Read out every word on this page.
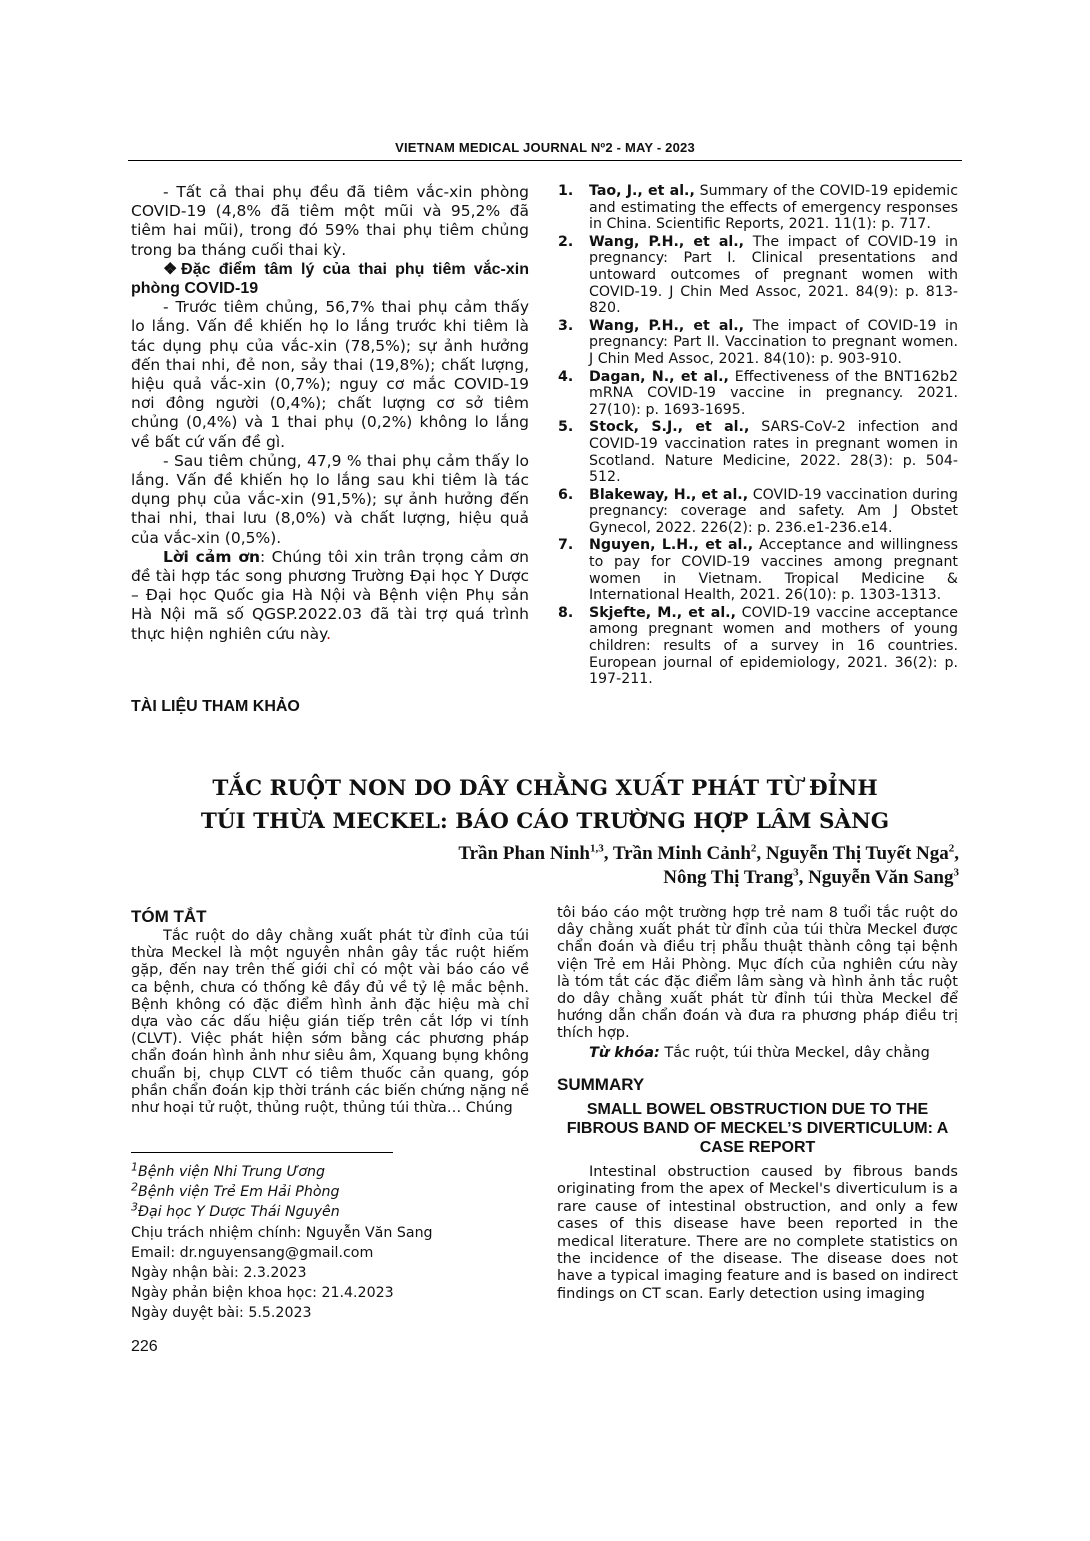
VIETNAM MEDICAL JOURNAL Nº2 - MAY - 2023

- Tất cả thai phụ đều đã tiêm vắc-xin phòng COVID-19 (4,8% đã tiêm một mũi và 95,2% đã tiêm hai mũi), trong đó 59% thai phụ tiêm chủng trong ba tháng cuối thai kỳ.

❖Đặc điểm tâm lý của thai phụ tiêm vắc-xin phòng COVID-19

- Trước tiêm chủng, 56,7% thai phụ cảm thấy lo lắng. Vấn đề khiến họ lo lắng trước khi tiêm là tác dụng phụ của vắc-xin (78,5%); sự ảnh hưởng đến thai nhi, đẻ non, sảy thai (19,8%); chất lượng, hiệu quả vắc-xin (0,7%); nguy cơ mắc COVID-19 nơi đông người (0,4%); chất lượng cơ sở tiêm chủng (0,4%) và 1 thai phụ (0,2%) không lo lắng về bất cứ vấn đề gì.

- Sau tiêm chủng, 47,9 % thai phụ cảm thấy lo lắng. Vấn đề khiến họ lo lắng sau khi tiêm là tác dụng phụ của vắc-xin (91,5%); sự ảnh hưởng đến thai nhi, thai lưu (8,0%) và chất lượng, hiệu quả của vắc-xin (0,5%).

Lời cảm ơn: Chúng tôi xin trân trọng cảm ơn đề tài hợp tác song phương Trường Đại học Y Dược – Đại học Quốc gia Hà Nội và Bệnh viện Phụ sản Hà Nội mã số QGSP.2022.03 đã tài trợ quá trình thực hiện nghiên cứu này.

TÀI LIỆU THAM KHẢO
1. Tao, J., et al., Summary of the COVID-19 epidemic and estimating the effects of emergency responses in China. Scientific Reports, 2021. 11(1): p. 717.
2. Wang, P.H., et al., The impact of COVID-19 in pregnancy: Part I. Clinical presentations and untoward outcomes of pregnant women with COVID-19. J Chin Med Assoc, 2021. 84(9): p. 813-820.
3. Wang, P.H., et al., The impact of COVID-19 in pregnancy: Part II. Vaccination to pregnant women. J Chin Med Assoc, 2021. 84(10): p. 903-910.
4. Dagan, N., et al., Effectiveness of the BNT162b2 mRNA COVID-19 vaccine in pregnancy. 2021. 27(10): p. 1693-1695.
5. Stock, S.J., et al., SARS-CoV-2 infection and COVID-19 vaccination rates in pregnant women in Scotland. Nature Medicine, 2022. 28(3): p. 504-512.
6. Blakeway, H., et al., COVID-19 vaccination during pregnancy: coverage and safety. Am J Obstet Gynecol, 2022. 226(2): p. 236.e1-236.e14.
7. Nguyen, L.H., et al., Acceptance and willingness to pay for COVID-19 vaccines among pregnant women in Vietnam. Tropical Medicine & International Health, 2021. 26(10): p. 1303-1313.
8. Skjefte, M., et al., COVID-19 vaccine acceptance among pregnant women and mothers of young children: results of a survey in 16 countries. European journal of epidemiology, 2021. 36(2): p. 197-211.
TẮC RUỘT NON DO DÂY CHẰNG XUẤT PHÁT TỪ ĐỈNH
TÚI THỪA MECKEL: BÁO CÁO TRƯỜNG HỢP LÂM SÀNG
Trần Phan Ninh$^{1,3}$, Trần Minh Cảnh$^2$, Nguyễn Thị Tuyết Nga$^2$,
Nông Thị Trang$^3$, Nguyễn Văn Sang$^3$
TÓM TẮT

Tắc ruột do dây chằng xuất phát từ đỉnh của túi thừa Meckel là một nguyên nhân gây tắc ruột hiếm gặp, đến nay trên thế giới chỉ có một vài báo cáo về ca bệnh, chưa có thống kê đầy đủ về tỷ lệ mắc bệnh. Bệnh không có đặc điểm hình ảnh đặc hiệu mà chỉ dựa vào các dấu hiệu gián tiếp trên cắt lớp vi tính (CLVT). Việc phát hiện sớm bằng các phương pháp chẩn đoán hình ảnh như siêu âm, Xquang bụng không chuẩn bị, chụp CLVT có tiêm thuốc cản quang, góp phần chẩn đoán kịp thời tránh các biến chứng nặng nề như hoại tử ruột, thủng ruột, thủng túi thừa… Chúng

tôi báo cáo một trường hợp trẻ nam 8 tuổi tắc ruột do dây chằng xuất phát từ đỉnh của túi thừa Meckel được chẩn đoán và điều trị phẫu thuật thành công tại bệnh viện Trẻ em Hải Phòng. Mục đích của nghiên cứu này là tóm tắt các đặc điểm lâm sàng và hình ảnh tắc ruột do dây chằng xuất phát từ đỉnh túi thừa Meckel để hướng dẫn chẩn đoán và đưa ra phương pháp điều trị thích hợp.

Từ khóa: Tắc ruột, túi thừa Meckel, dây chằng
SUMMARY
SMALL BOWEL OBSTRUCTION DUE TO THE FIBROUS BAND OF MECKEL’S DIVERTICULUM: A CASE REPORT

Intestinal obstruction caused by fibrous bands originating from the apex of Meckel's diverticulum is a rare cause of intestinal obstruction, and only a few cases of this disease have been reported in the medical literature. There are no complete statistics on the incidence of the disease. The disease does not have a typical imaging feature and is based on indirect findings on CT scan. Early detection using imaging

$^1$Bệnh viện Nhi Trung Ương
$^2$Bệnh viện Trẻ Em Hải Phòng
$^3$Đại học Y Dược Thái Nguyên
Chịu trách nhiệm chính: Nguyễn Văn Sang
Email: dr.nguyensang@gmail.com
Ngày nhận bài: 2.3.2023
Ngày phản biện khoa học: 21.4.2023
Ngày duyệt bài: 5.5.2023
226
